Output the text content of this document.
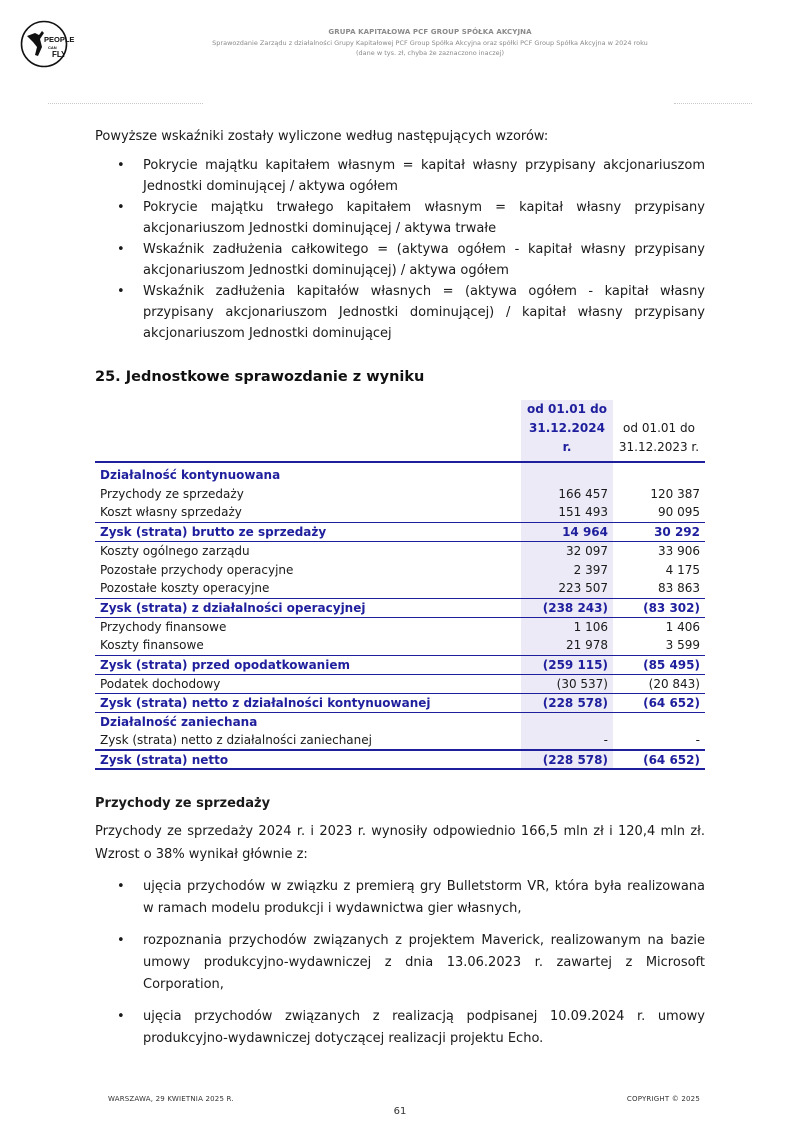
PEOPLE
CAN
FLY
GRUPA KAPITAŁOWA PCF GROUP SPÓŁKA AKCYJNA
Sprawozdanie Zarządu z działalności Grupy Kapitałowej PCF Group Spółka Akcyjna oraz spółki PCF Group Spółka Akcyjna w 2024 roku
(dane w tys. zł, chyba że zaznaczono inaczej)

Powyższe wskaźniki zostały wyliczone według następujących wzorów:

• Pokrycie majątku kapitałem własnym = kapitał własny przypisany akcjonariuszom Jednostki dominującej / aktywa ogółem
• Pokrycie majątku trwałego kapitałem własnym = kapitał własny przypisany akcjonariuszom Jednostki dominującej / aktywa trwałe
• Wskaźnik zadłużenia całkowitego = (aktywa ogółem - kapitał własny przypisany akcjonariuszom Jednostki dominującej) / aktywa ogółem
• Wskaźnik zadłużenia kapitałów własnych = (aktywa ogółem - kapitał własny przypisany akcjonariuszom Jednostki dominującej) / kapitał własny przypisany akcjonariuszom Jednostki dominującej
25. Jednostkowe sprawozdanie z wyniku
	od 01.01 do
31.12.2024 r.	od 01.01 do
31.12.2023 r.

Działalność kontynuowana		
Przychody ze sprzedaży	166 457	120 387
Koszt własny sprzedaży	151 493	90 095
Zysk (strata) brutto ze sprzedaży	14 964	30 292
Koszty ogólnego zarządu	32 097	33 906
Pozostałe przychody operacyjne	2 397	4 175
Pozostałe koszty operacyjne	223 507	83 863
Zysk (strata) z działalności operacyjnej	(238 243)	(83 302)
Przychody finansowe	1 106	1 406
Koszty finansowe	21 978	3 599
Zysk (strata) przed opodatkowaniem	(259 115)	(85 495)
Podatek dochodowy	(30 537)	(20 843)
Zysk (strata) netto z działalności kontynuowanej	(228 578)	(64 652)
Działalność zaniechana		
Zysk (strata) netto z działalności zaniechanej	-	-
Zysk (strata) netto	(228 578)	(64 652)
Przychody ze sprzedaży

Przychody ze sprzedaży 2024 r. i 2023 r. wynosiły odpowiednio 166,5 mln zł i 120,4 mln zł. Wzrost o 38% wynikał głównie z:

• ujęcia przychodów w związku z premierą gry Bulletstorm VR, która była realizowana w ramach modelu produkcji i wydawnictwa gier własnych,
• rozpoznania przychodów związanych z projektem Maverick, realizowanym na bazie umowy produkcyjno-wydawniczej z dnia 13.06.2023 r. zawartej z Microsoft Corporation,
• ujęcia przychodów związanych z realizacją podpisanej 10.09.2024 r. umowy produkcyjno-wydawniczej dotyczącej realizacji projektu Echo.
WARSZAWA, 29 KWIETNIA 2025 R.	COPYRIGHT © 2025
61
